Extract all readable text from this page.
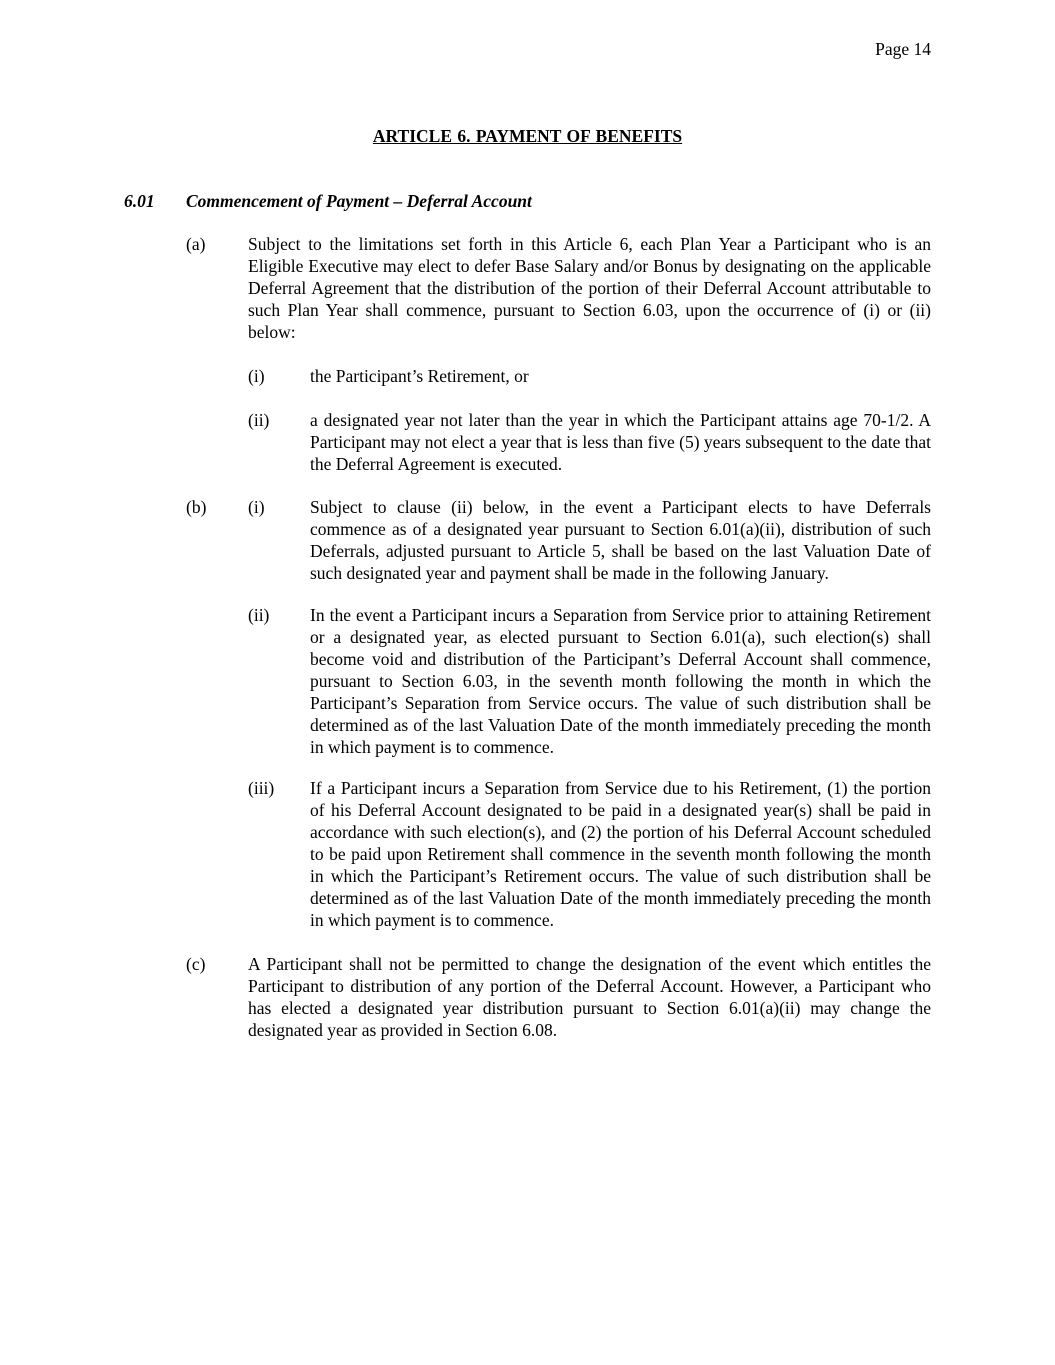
Page 14
ARTICLE 6. PAYMENT OF BENEFITS
6.01 Commencement of Payment – Deferral Account
(a) Subject to the limitations set forth in this Article 6, each Plan Year a Participant who is an Eligible Executive may elect to defer Base Salary and/or Bonus by designating on the applicable Deferral Agreement that the distribution of the portion of their Deferral Account attributable to such Plan Year shall commence, pursuant to Section 6.03, upon the occurrence of (i) or (ii) below:
(i)	the Participant’s Retirement, or
(ii) a designated year not later than the year in which the Participant attains age 70-1/2. A Participant may not elect a year that is less than five (5) years subsequent to the date that the Deferral Agreement is executed.
(b) (i)	Subject to clause (ii) below, in the event a Participant elects to have Deferrals commence as of a designated year pursuant to Section 6.01(a)(ii), distribution of such Deferrals, adjusted pursuant to Article 5, shall be based on the last Valuation Date of such designated year and payment shall be made in the following January.
(ii) In the event a Participant incurs a Separation from Service prior to attaining Retirement or a designated year, as elected pursuant to Section 6.01(a), such election(s) shall become void and distribution of the Participant’s Deferral Account shall commence, pursuant to Section 6.03, in the seventh month following the month in which the Participant’s Separation from Service occurs. The value of such distribution shall be determined as of the last Valuation Date of the month immediately preceding the month in which payment is to commence.
(iii) If a Participant incurs a Separation from Service due to his Retirement, (1) the portion of his Deferral Account designated to be paid in a designated year(s) shall be paid in accordance with such election(s), and (2) the portion of his Deferral Account scheduled to be paid upon Retirement shall commence in the seventh month following the month in which the Participant’s Retirement occurs. The value of such distribution shall be determined as of the last Valuation Date of the month immediately preceding the month in which payment is to commence.
(c) A Participant shall not be permitted to change the designation of the event which entitles the Participant to distribution of any portion of the Deferral Account. However, a Participant who has elected a designated year distribution pursuant to Section 6.01(a)(ii) may change the designated year as provided in Section 6.08.
